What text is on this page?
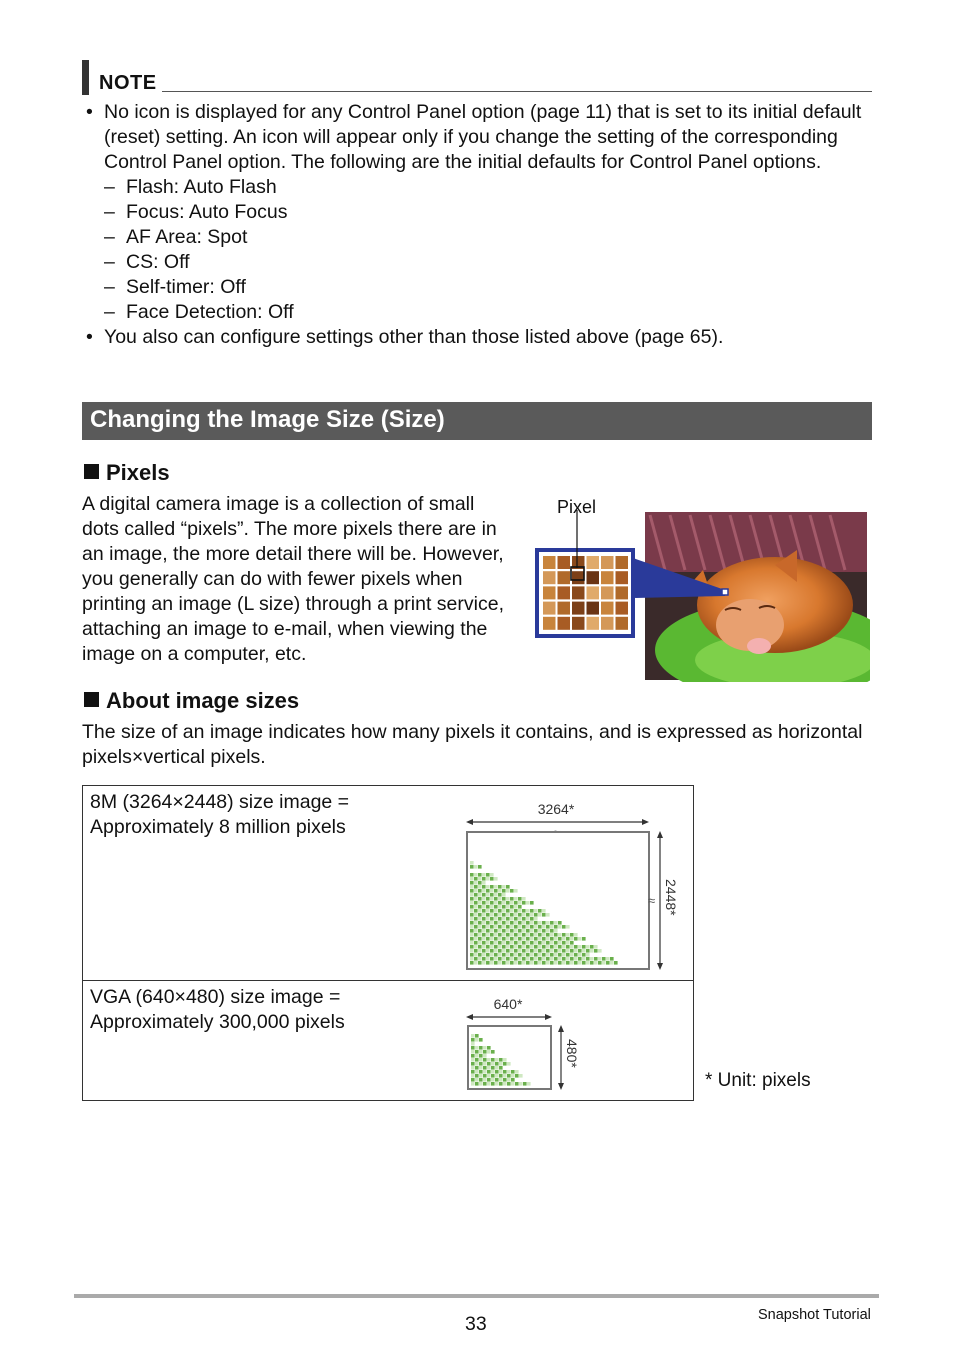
NOTE
• No icon is displayed for any Control Panel option (page 11) that is set to its initial default (reset) setting. An icon will appear only if you change the setting of the corresponding Control Panel option. The following are the initial defaults for Control Panel options.
– Flash: Auto Flash
– Focus: Auto Focus
– AF Area: Spot
– CS: Off
– Self-timer: Off
– Face Detection: Off
• You also can configure settings other than those listed above (page 65).
Changing the Image Size (Size)
Pixels
A digital camera image is a collection of small dots called “pixels”. The more pixels there are in an image, the more detail there will be. However, you generally can do with fewer pixels when printing an image (L size) through a print service, attaching an image to e-mail, when viewing the image on a computer, etc.
Pixel
About image sizes
The size of an image indicates how many pixels it contains, and is expressed as horizontal pixels×vertical pixels.
8M (3264×2448) size image =
Approximately 8 million pixels
VGA (640×480) size image =
Approximately 300,000 pixels
3264*
≈ 2448*
640*
480*
* Unit: pixels
33	Snapshot Tutorial
